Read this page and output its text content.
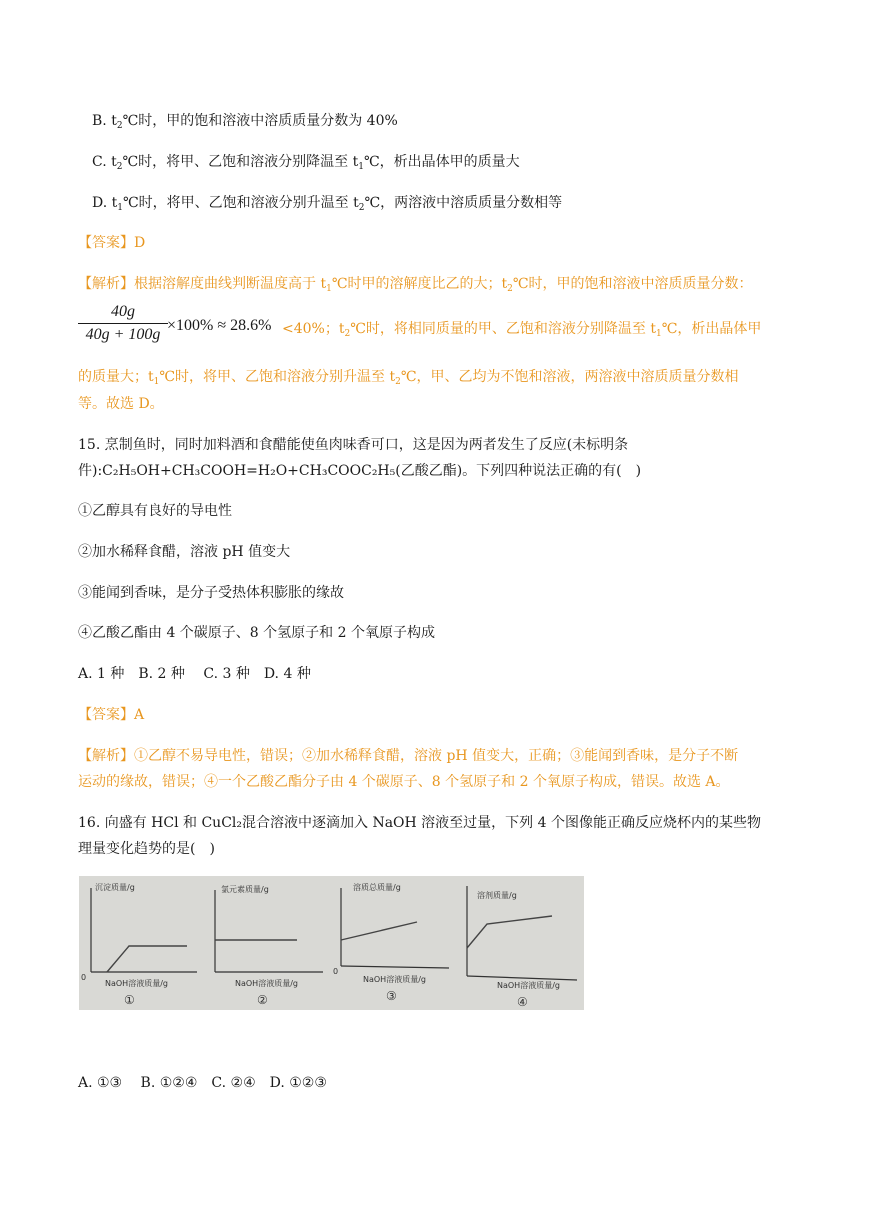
B. $t_2℃$时，甲的饱和溶液中溶质质量分数为 40%
C. $t_2℃$时，将甲、乙饱和溶液分别降温至 $t_1℃$，析出晶体甲的质量大
D. $t_1℃$时，将甲、乙饱和溶液分别升温至 $t_2℃$，两溶液中溶质质量分数相等
【答案】D
【解析】根据溶解度曲线判断温度高于 $t_1℃$时甲的溶解度比乙的大；$t_2℃$时，甲的饱和溶液中溶质质量分数：
$\frac{40g}{40g + 100g} \times 100\% \approx 28.6\% <40\%$；$t_2℃$时，将相同质量的甲、乙饱和溶液分别降温至 $t_1℃$，析出晶体甲
的质量大；$t_1℃$时，将甲、乙饱和溶液分别升温至 $t_2℃$，甲、乙均为不饱和溶液，两溶液中溶质质量分数相
等。故选 D。
15. 烹制鱼时，同时加料酒和食醋能使鱼肉味香可口，这是因为两者发生了反应(未标明条
件):C₂H₅OH+CH₃COOH=H₂O+CH₃COOC₂H₅(乙酸乙酯)。下列四种说法正确的有(　)
①乙醇具有良好的导电性
②加水稀释食醋，溶液 pH 值变大
③能闻到香味，是分子受热体积膨胀的缘故
④乙酸乙酯由 4 个碳原子、8 个氢原子和 2 个氧原子构成
A. 1 种　B. 2 种　 C. 3 种　D. 4 种
【答案】A
【解析】①乙醇不易导电性，错误；②加水稀释食醋，溶液 pH 值变大，正确；③能闻到香味，是分子不断
运动的缘故，错误；④一个乙酸乙酯分子由 4 个碳原子、8 个氢原子和 2 个氧原子构成，错误。故选 A。
16. 向盛有 HCl 和 CuCl₂混合溶液中逐滴加入 NaOH 溶液至过量，下列 4 个图像能正确反应烧杯内的某些物
理量变化趋势的是(　)
沉淀质量/g
NaOH溶液质量/g
0
①
氯元素质量/g
NaOH溶液质量/g
②
溶质总质量/g
NaOH溶液质量/g
0
③
溶剂质量/g
NaOH溶液质量/g
④
A. ①③　 B. ①②④　C. ②④　D. ①②③
